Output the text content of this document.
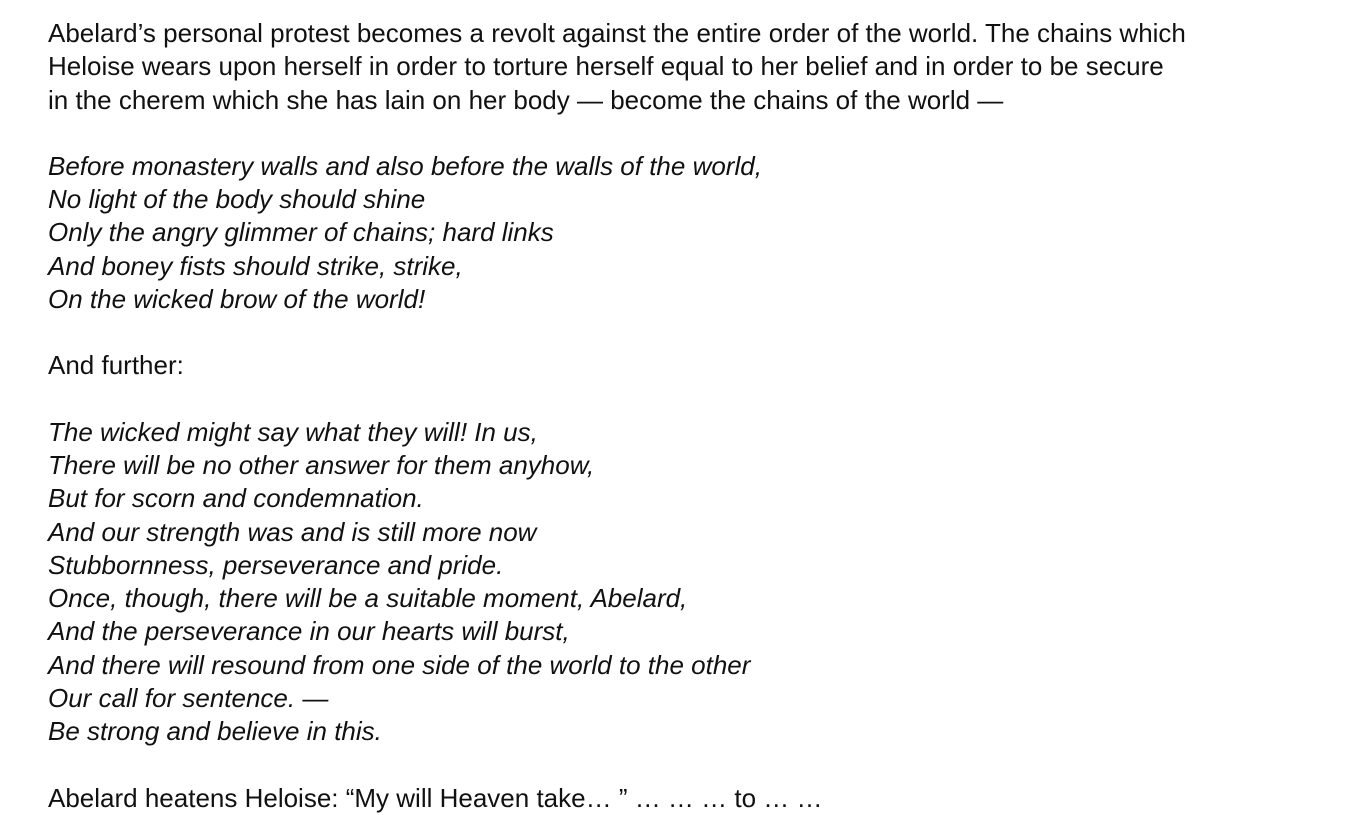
Abelard’s personal protest becomes a revolt against the entire order of the world. The chains which
Heloise wears upon herself in order to torture herself equal to her belief and in order to be secure
in the cherem which she has lain on her body — become the chains of the world —

Before monastery walls and also before the walls of the world,
No light of the body should shine
Only the angry glimmer of chains; hard links
And boney fists should strike, strike,
On the wicked brow of the world!

And further:

The wicked might say what they will! In us,
There will be no other answer for them anyhow,
But for scorn and condemnation.
And our strength was and is still more now
Stubbornness, perseverance and pride.
Once, though, there will be a suitable moment, Abelard,
And the perseverance in our hearts will burst,
And there will resound from one side of the world to the other
Our call for sentence. —
Be strong and believe in this.
Abelard heatens Heloise: “My will Heaven take… ” … … … to … …
